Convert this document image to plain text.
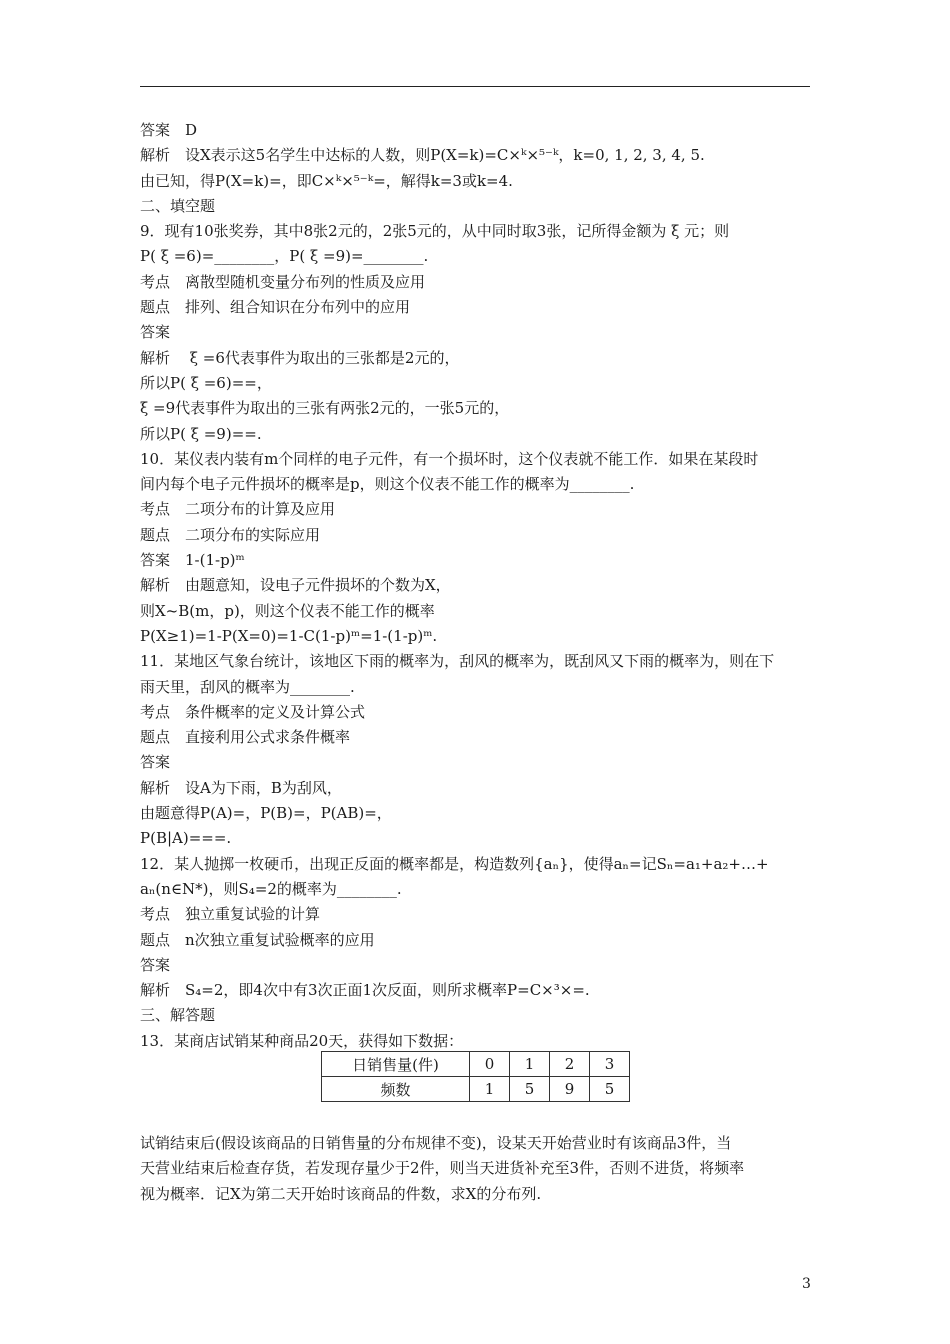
答案　D
解析　设X表示这5名学生中达标的人数，则P(X=k)=C×ᵏ×⁵⁻ᵏ，k=0, 1, 2, 3, 4, 5.
由已知，得P(X=k)=，即C×ᵏ×⁵⁻ᵏ=，解得k=3或k=4.
二、填空题
9．现有10张奖券，其中8张2元的，2张5元的，从中同时取3张，记所得金额为 ξ 元；则
P( ξ =6)=________，P( ξ =9)=________.
考点　离散型随机变量分布列的性质及应用
题点　排列、组合知识在分布列中的应用
答案
解析　 ξ =6代表事件为取出的三张都是2元的，
所以P( ξ =6)==，
ξ =9代表事件为取出的三张有两张2元的，一张5元的，
所以P( ξ =9)==.
10．某仪表内装有m个同样的电子元件，有一个损坏时，这个仪表就不能工作．如果在某段时
间内每个电子元件损坏的概率是p，则这个仪表不能工作的概率为________.
考点　二项分布的计算及应用
题点　二项分布的实际应用
答案　1-(1-p)ᵐ
解析　由题意知，设电子元件损坏的个数为X，
则X~B(m，p)，则这个仪表不能工作的概率
P(X≥1)=1-P(X=0)=1-C(1-p)ᵐ=1-(1-p)ᵐ.
11．某地区气象台统计，该地区下雨的概率为，刮风的概率为，既刮风又下雨的概率为，则在下
雨天里，刮风的概率为________.
考点　条件概率的定义及计算公式
题点　直接利用公式求条件概率
答案
解析　设A为下雨，B为刮风，
由题意得P(A)=，P(B)=，P(AB)=，
P(B|A)===.
12．某人抛掷一枚硬币，出现正反面的概率都是，构造数列{aₙ}，使得aₙ=记Sₙ=a₁+a₂+…+
aₙ(n∈N*)，则S₄=2的概率为________.
考点　独立重复试验的计算
题点　n次独立重复试验概率的应用
答案
解析　S₄=2，即4次中有3次正面1次反面，则所求概率P=C×³×=.
三、解答题
13．某商店试销某种商品20天，获得如下数据：
日销售量(件)	0	1	2	3
频数	1	5	9	5
试销结束后(假设该商品的日销售量的分布规律不变)，设某天开始营业时有该商品3件，当
天营业结束后检查存货，若发现存量少于2件，则当天进货补充至3件，否则不进货，将频率
视为概率．记X为第二天开始时该商品的件数，求X的分布列.
3
